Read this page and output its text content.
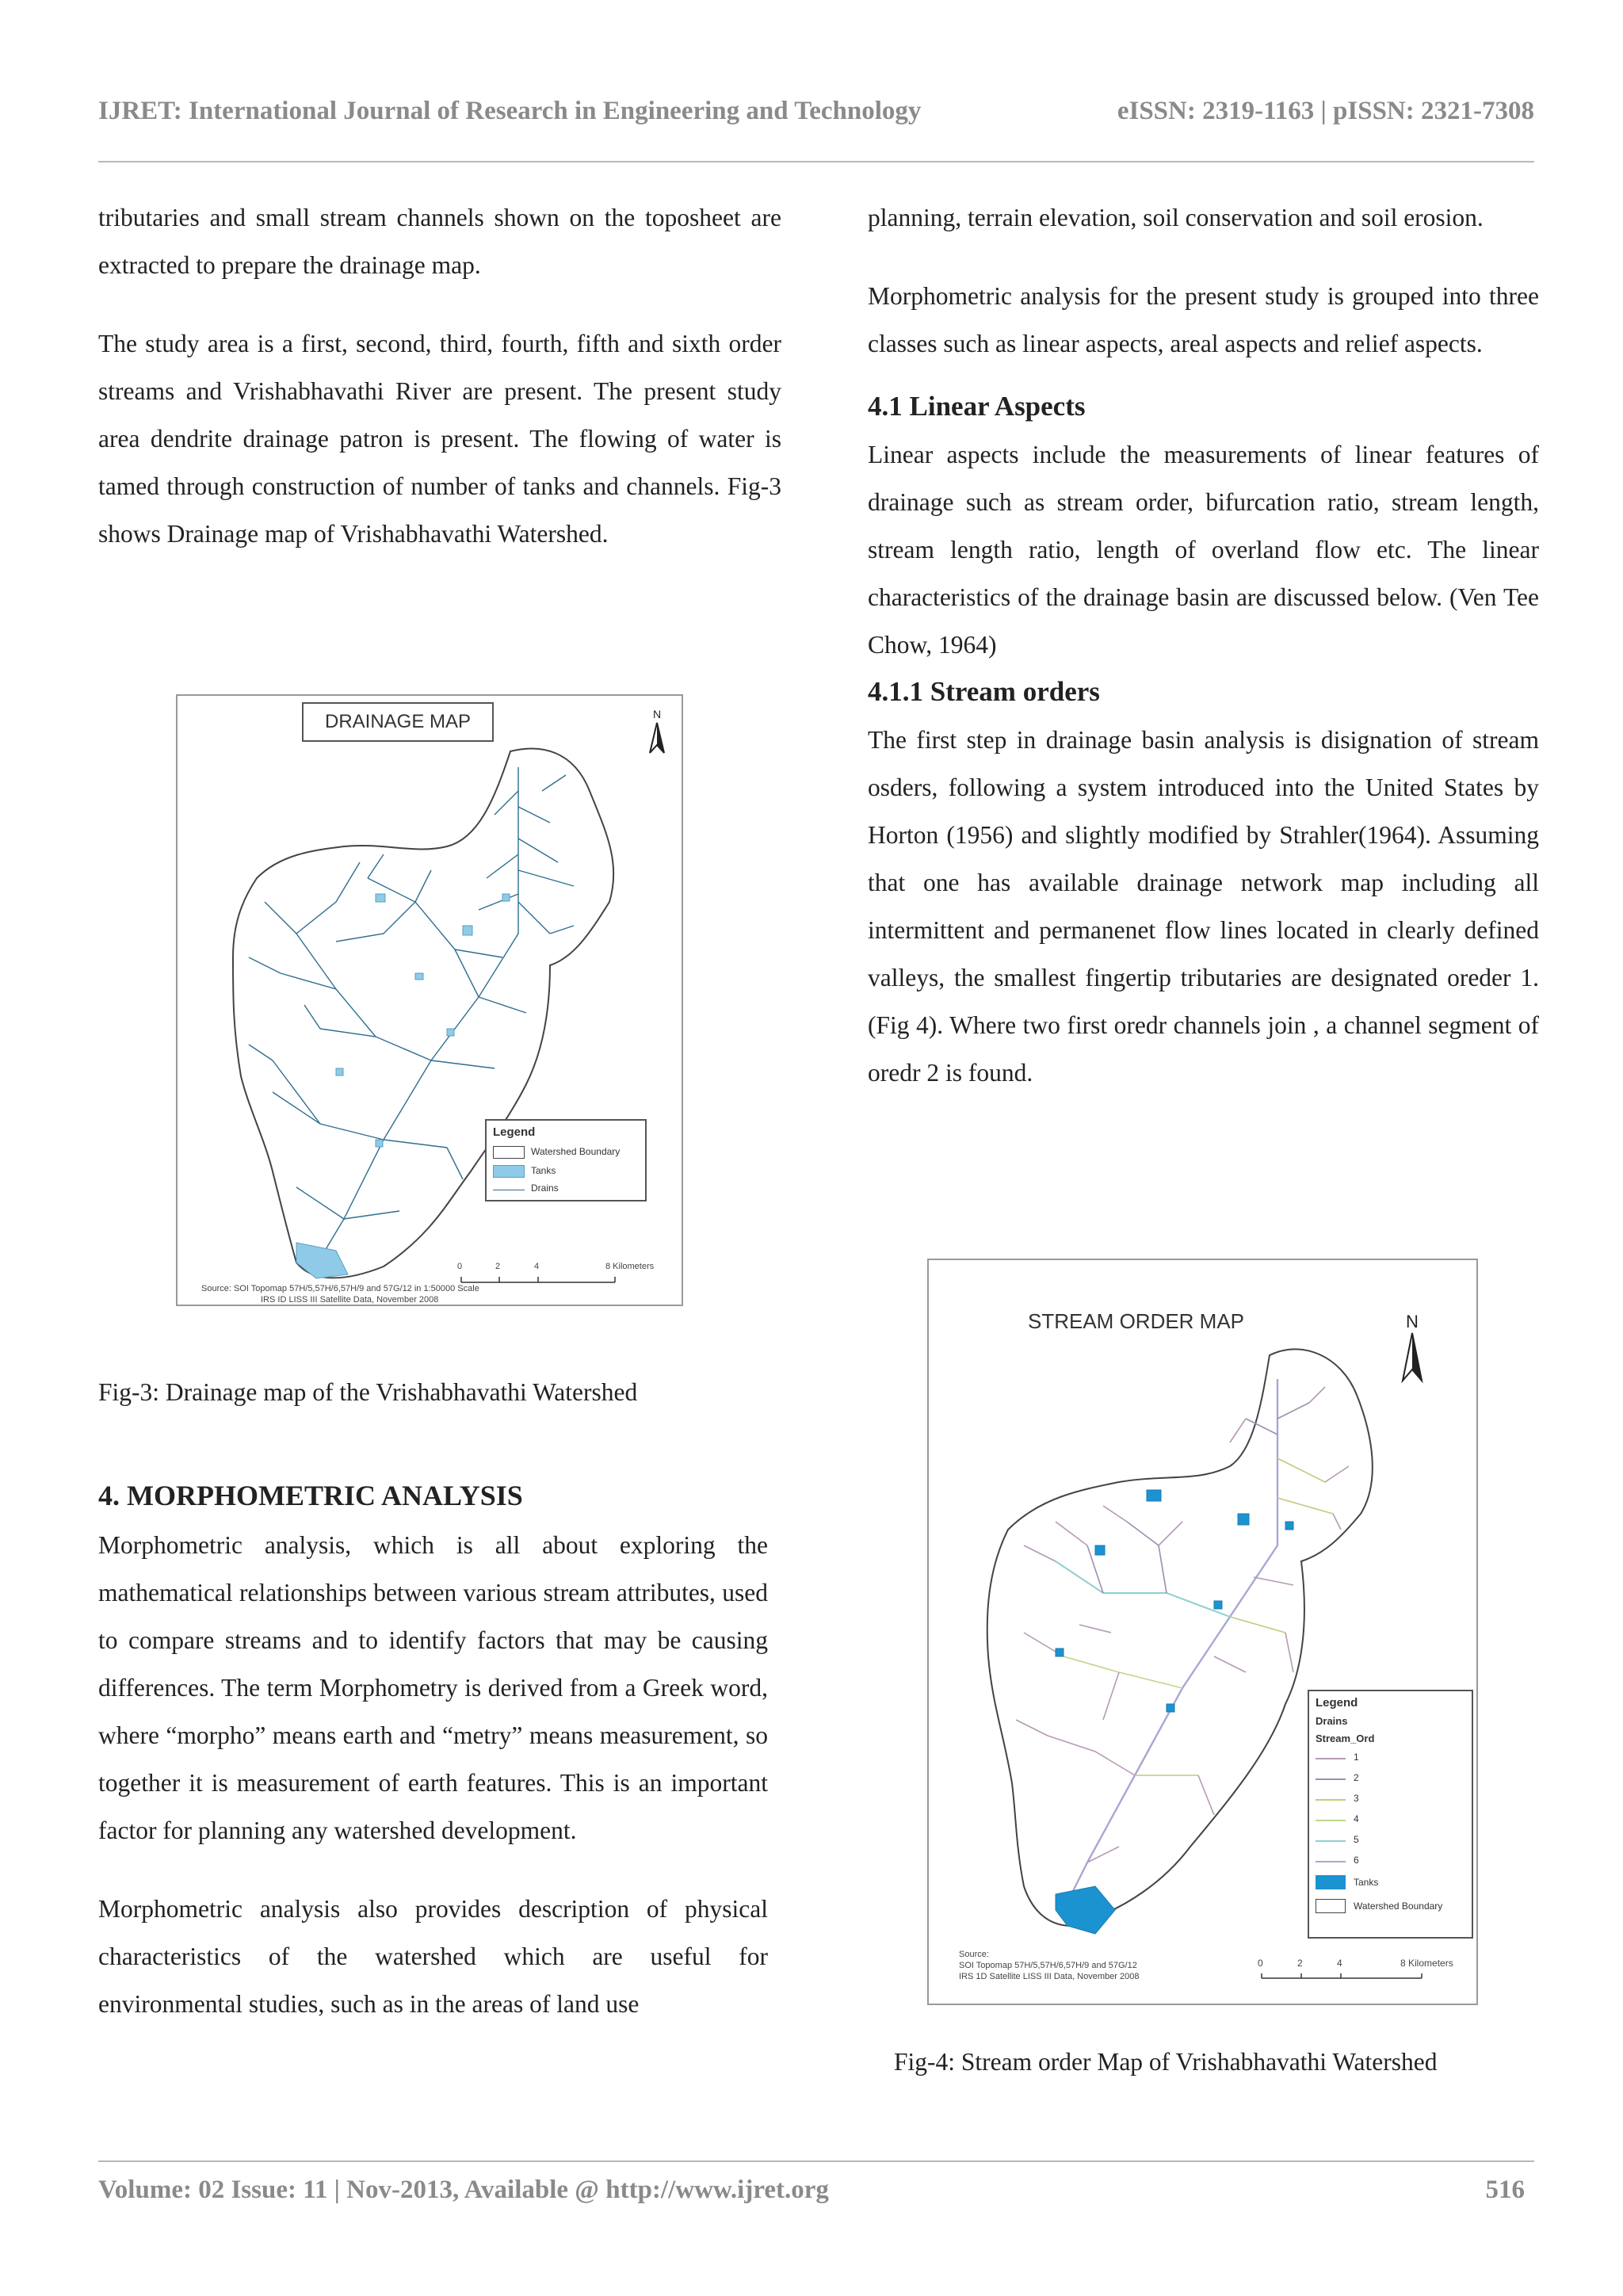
IJRET: International Journal of Research in Engineering and Technology	eISSN: 2319-1163 | pISSN: 2321-7308

tributaries and small stream channels shown on the toposheet are extracted to prepare the drainage map.

The study area is a first, second, third, fourth, fifth and sixth order streams and Vrishabhavathi River are present. The present study area dendrite drainage patron is present. The flowing of water is tamed through construction of number of tanks and channels. Fig-3 shows Drainage map of Vrishabhavathi Watershed.

N
DRAINAGE MAP
Legend
Watershed Boundary
Tanks
Drains
0	2	4	8 Kilometers
Source: SOI Topomap 57H/5,57H/6,57H/9 and 57G/12 in 1:50000 Scale
IRS ID LISS III Satellite Data, November 2008
Fig-3: Drainage map of the Vrishabhavathi Watershed
4. MORPHOMETRIC ANALYSIS

Morphometric analysis, which is all about exploring the mathematical relationships between various stream attributes, used to compare streams and to identify factors that may be causing differences. The term Morphometry is derived from a Greek word, where “morpho” means earth and “metry” means measurement, so together it is measurement of earth features. This is an important factor for planning any watershed development.

Morphometric analysis also provides description of physical characteristics of the watershed which are useful for environmental studies, such as in the areas of land use

planning, terrain elevation, soil conservation and soil erosion.

Morphometric analysis for the present study is grouped into three classes such as linear aspects, areal aspects and relief aspects.

4.1 Linear Aspects

Linear aspects include the measurements of linear features of drainage such as stream order, bifurcation ratio, stream length, stream length ratio, length of overland flow etc. The linear characteristics of the drainage basin are discussed below. (Ven Tee Chow, 1964)

4.1.1 Stream orders

The first step in drainage basin analysis is disignation of stream osders, following a system introduced into the United States by Horton (1956) and slightly modified by Strahler(1964). Assuming that one has available drainage network map including all intermittent and permanenet flow lines located in clearly defined valleys, the smallest fingertip tributaries are designated oreder 1. (Fig 4). Where two first oredr channels join , a channel segment of oredr 2 is found.

N
STREAM ORDER MAP
Legend
Drains
Stream_Ord
1
2
3
4
5
6
Tanks
Watershed Boundary
0	2	4	8 Kilometers
Source:
SOI Topomap 57H/5,57H/6,57H/9 and 57G/12
IRS 1D Satellite LISS III Data, November 2008
Fig-4: Stream order Map of Vrishabhavathi Watershed
Volume: 02 Issue: 11 | Nov-2013, Available @ http://www.ijret.org	516
